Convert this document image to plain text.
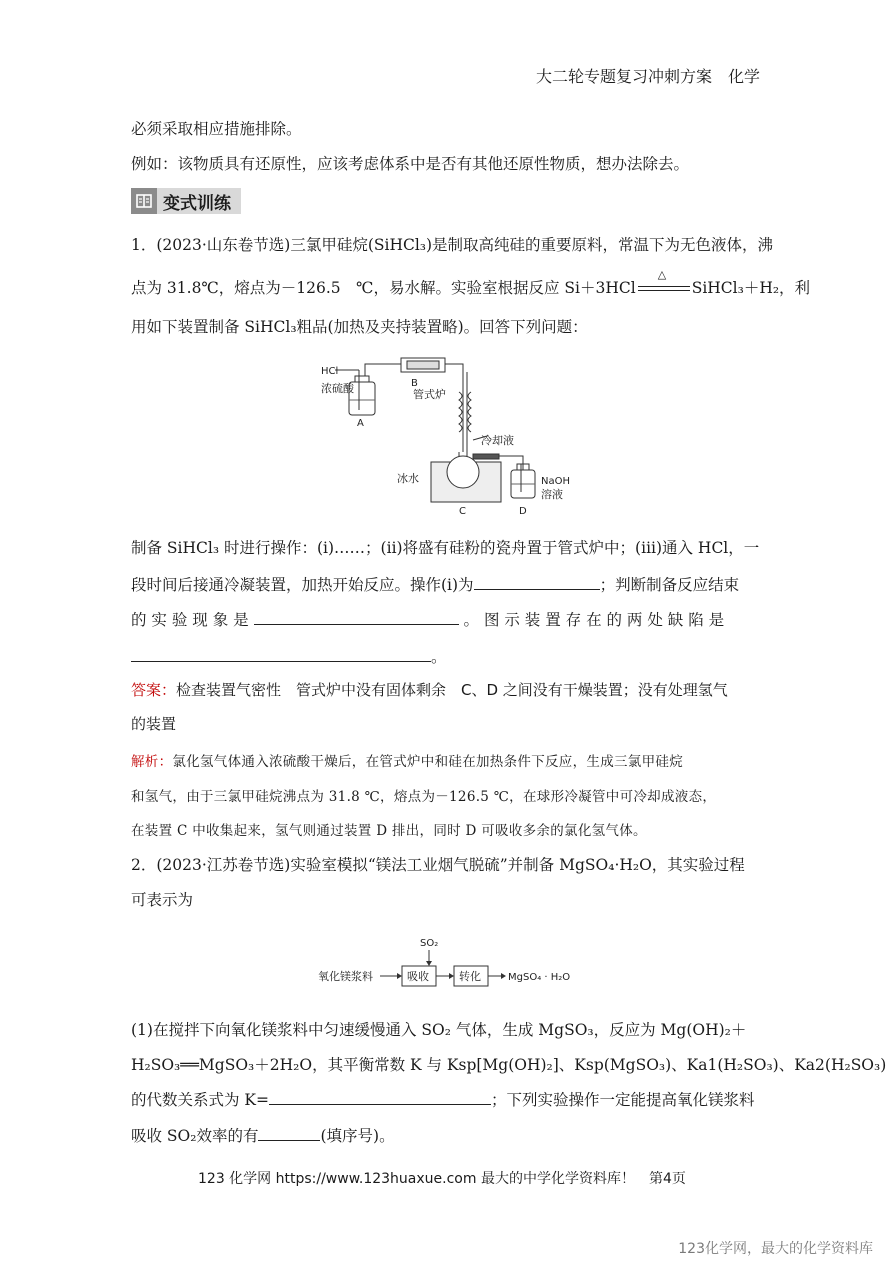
大二轮专题复习冲刺方案　化学
必须采取相应措施排除。
例如：该物质具有还原性，应该考虑体系中是否有其他还原性物质，想办法除去。
变式训练
1．(2023·山东卷节选)三氯甲硅烷(SiHCl₃)是制取高纯硅的重要原料，常温下为无色液体，沸
点为 31.8℃，熔点为－126.5　℃，易水解。实验室根据反应 Si＋3HCl
△
SiHCl₃＋H₂，利
用如下装置制备 SiHCl₃粗品(加热及夹持装置略)。回答下列问题：
HCl
浓硫酸
A
B
管式炉
冷却液
冰水
C
NaOH
溶液
D
制备 SiHCl₃ 时进行操作：(ⅰ)……；(ⅱ)将盛有硅粉的瓷舟置于管式炉中；(ⅲ)通入 HCl，一
段时间后接通冷凝装置，加热开始反应。操作(ⅰ)为	；判断制备反应结束
的 实 验 现 象 是	。 图 示 装 置 存 在 的 两 处 缺 陷 是
。
答案：检查装置气密性　管式炉中没有固体剩余　C、D 之间没有干燥装置；没有处理氢气
的装置
解析：氯化氢气体通入浓硫酸干燥后，在管式炉中和硅在加热条件下反应，生成三氯甲硅烷
和氢气，由于三氯甲硅烷沸点为 31.8 ℃，熔点为－126.5 ℃，在球形冷凝管中可冷却成液态，
在装置 C 中收集起来，氢气则通过装置 D 排出，同时 D 可吸收多余的氯化氢气体。
2．(2023·江苏卷节选)实验室模拟“镁法工业烟气脱硫”并制备 MgSO₄·H₂O，其实验过程
可表示为
SO₂
氧化镁浆料	吸收	转化	MgSO₄ · H₂O
(1)在搅拌下向氧化镁浆料中匀速缓慢通入 SO₂ 气体，生成 MgSO₃，反应为 Mg(OH)₂＋
H₂SO₃══MgSO₃＋2H₂O，其平衡常数 K 与 Ksp[Mg(OH)₂]、Ksp(MgSO₃)、Ka1(H₂SO₃)、Ka2(H₂SO₃)
的代数关系式为 K=	；下列实验操作一定能提高氧化镁浆料
吸收 SO₂效率的有	(填序号)。
123 化学网 https://www.123huaxue.com 最大的中学化学资料库！　第4页
123化学网，最大的化学资料库
